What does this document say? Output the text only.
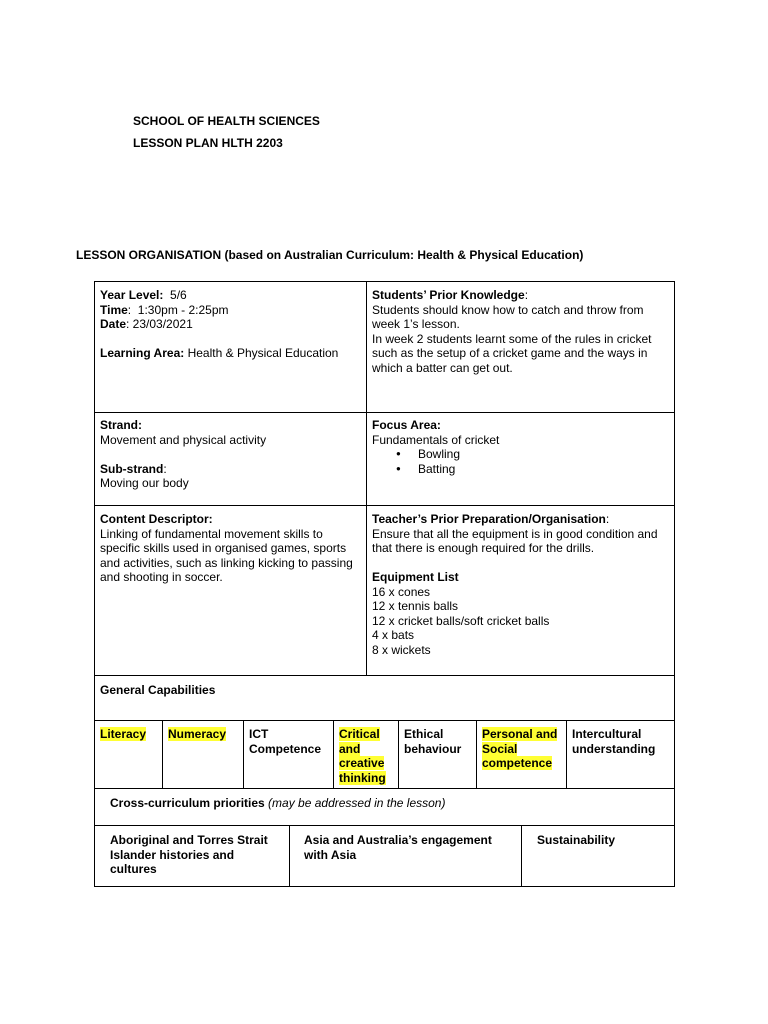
SCHOOL OF HEALTH SCIENCES
LESSON PLAN HLTH 2203
LESSON ORGANISATION (based on Australian Curriculum: Health & Physical Education)

Year Level:  5/6

Time:  1:30pm - 2:25pm

Date: 23/03/2021

Learning Area: Health & Physical Education

Students’ Prior Knowledge:

Students should know how to catch and throw from week 1’s lesson.

In week 2 students learnt some of the rules in cricket such as the setup of a cricket game and the ways in which a batter can get out.

Strand:

Movement and physical activity

Sub-strand:

Moving our body

Focus Area:

Fundamentals of cricket

● Bowling
● Batting

Content Descriptor:

Linking of fundamental movement skills to specific skills used in organised games, sports and activities, such as linking kicking to passing and shooting in soccer.

Teacher’s Prior Preparation/Organisation:

Ensure that all the equipment is in good condition and that there is enough required for the drills.

Equipment List

16 x cones

12 x tennis balls

12 x cricket balls/soft cricket balls

4 x bats

8 x wickets

General Capabilities
Literacy	Numeracy	ICT Competence
Critical and creative thinking
Ethical behaviour
Personal and Social competence
Intercultural understanding
Cross-curriculum priorities (may be addressed in the lesson)
Aboriginal and Torres Strait Islander histories and cultures
Asia and Australia’s engagement with Asia
Sustainability
